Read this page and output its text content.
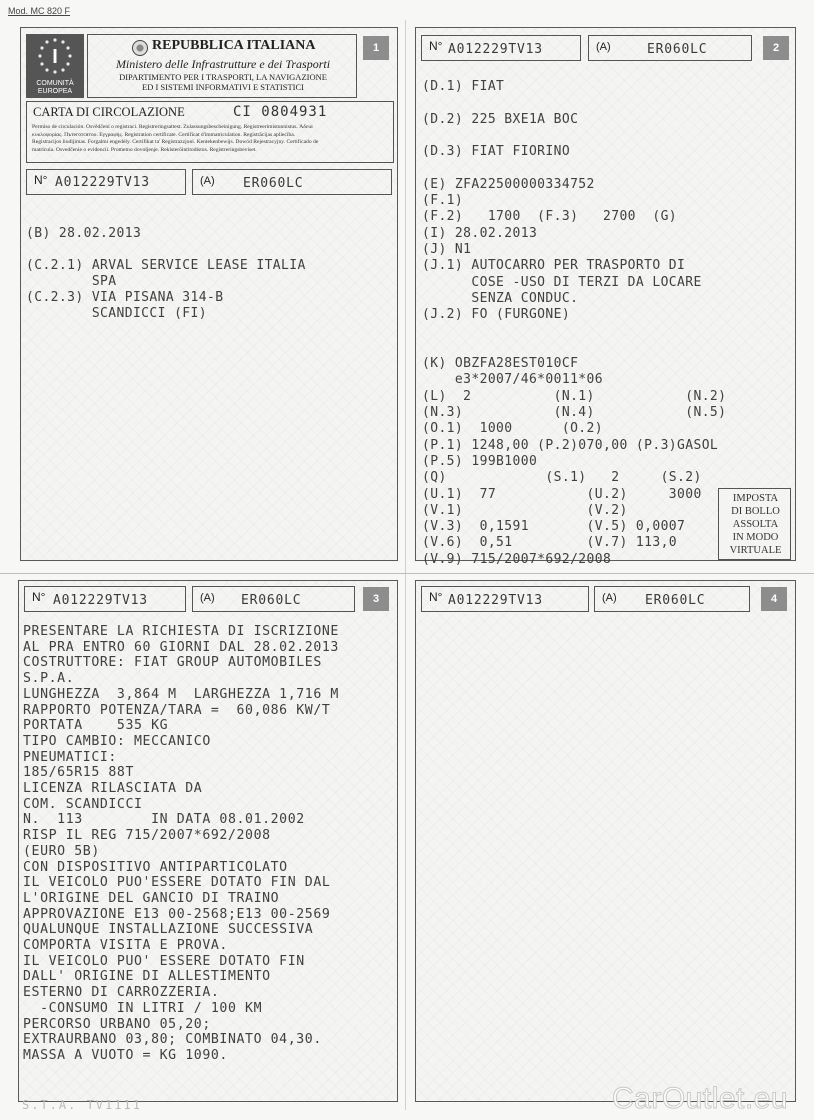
Mod. MC 820 F
1
I
COMUNITÀ
EUROPEA
REPUBBLICA ITALIANA
Ministero delle Infrastrutture e dei Trasporti
DIPARTIMENTO PER I TRASPORTI, LA NAVIGAZIONE
ED I SISTEMI INFORMATIVI E STATISTICI
CARTA DI CIRCOLAZIONE	CI 0804931
Permiso de circulación. Osvědčení o registraci. Registreringsattest. Zulassungsbescheinigung. Registreerimistunnistus. Άδεια
κυκλοφορίας. Пътеготсятоо. Εγγραφής. Registration certificate. Certificat d'immatriculation. Registrācijas apliecība.
Registracijos liudijimas. Forgalmi engedély. Certifikat ta' Registrazzjoni. Kentekenbewijs. Dowód Rejestracyjny. Certificado de
matrícula. Osvedčenie o evidencii. Prometno dovoljenje. Rekisteröintitodistus. Registreringsbeviset.
N° A012229TV13	(A) ER060LC
(B) 28.02.2013
(C.2.1) ARVAL SERVICE LEASE ITALIA
SPA
(C.2.3) VIA PISANA 314-B
SCANDICCI (FI)
2
N° A012229TV13	(A)	ER060LC
(D.1) FIAT
(D.2) 225 BXE1A BOC
(D.3) FIAT FIORINO
(E) ZFA22500000334752
(F.1)
(F.2)   1700  (F.3)   2700  (G)
(I) 28.02.2013
(J) N1
(J.1) AUTOCARRO PER TRASPORTO DI
COSE -USO DI TERZI DA LOCARE
SENZA CONDUC.
(J.2) FO (FURGONE)
(K) OBZFA28EST010CF
e3*2007/46*0011*06
(L)  2          (N.1)           (N.2)
(N.3)           (N.4)           (N.5)
(O.1)  1000      (O.2)
(P.1) 1248,00 (P.2)070,00 (P.3)GASOL
(P.5) 199B1000
(Q)            (S.1)   2     (S.2)
(U.1)  77           (U.2)     3000
(V.1)               (V.2)
(V.3)  0,1591       (V.5) 0,0007
(V.6)  0,51         (V.7) 113,0
(V.9) 715/2007*692/2008
IMPOSTA
DI BOLLO
ASSOLTA
IN MODO
VIRTUALE
3
N° A012229TV13	(A) ER060LC
PRESENTARE LA RICHIESTA DI ISCRIZIONE
AL PRA ENTRO 60 GIORNI DAL 28.02.2013
COSTRUTTORE: FIAT GROUP AUTOMOBILES
S.P.A.
LUNGHEZZA  3,864 M  LARGHEZZA 1,716 M
RAPPORTO POTENZA/TARA =  60,086 KW/T
PORTATA    535 KG
TIPO CAMBIO: MECCANICO
PNEUMATICI:
185/65R15 88T
LICENZA RILASCIATA DA
COM. SCANDICCI
N.  113        IN DATA 08.01.2002
RISP IL REG 715/2007*692/2008
(EURO 5B)
CON DISPOSITIVO ANTIPARTICOLATO
IL VEICOLO PUO'ESSERE DOTATO FIN DAL
L'ORIGINE DEL GANCIO DI TRAINO
APPROVAZIONE E13 00-2568;E13 00-2569
QUALUNQUE INSTALLAZIONE SUCCESSIVA
COMPORTA VISITA E PROVA.
IL VEICOLO PUO' ESSERE DOTATO FIN
DALL' ORIGINE DI ALLESTIMENTO
ESTERNO DI CARROZZERIA.
-CONSUMO IN LITRI / 100 KM
PERCORSO URBANO 05,20;
EXTRAURBANO 03,80; COMBINATO 04,30.
MASSA A VUOTO = KG 1090.
4
N° A012229TV13	(A) ER060LC
S.T.A. TV1111	CarOutlet.eu
